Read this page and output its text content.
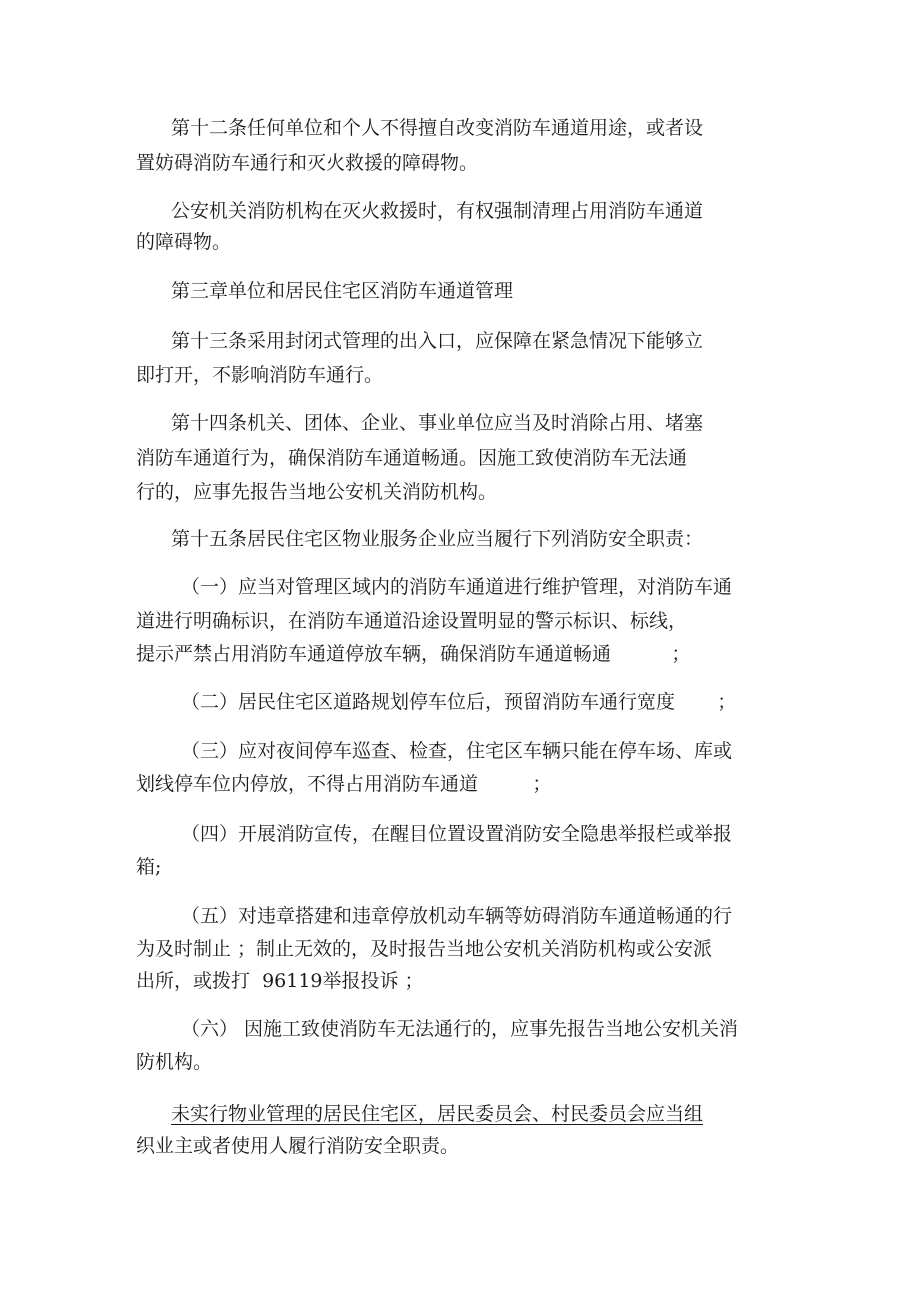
第十二条任何单位和个人不得擅自改变消防车通道用途，或者设
置妨碍消防车通行和灭火救援的障碍物。
公安机关消防机构在灭火救援时，有权强制清理占用消防车通道
的障碍物。
第三章单位和居民住宅区消防车通道管理
第十三条采用封闭式管理的出入口，应保障在紧急情况下能够立
即打开，不影响消防车通行。
第十四条机关、团体、企业、事业单位应当及时消除占用、堵塞
消防车通道行为，确保消防车通道畅通。因施工致使消防车无法通
行的，应事先报告当地公安机关消防机构。
第十五条居民住宅区物业服务企业应当履行下列消防安全职责：
（一）应当对管理区域内的消防车通道进行维护管理，对消防车通
道进行明确标识，在消防车通道沿途设置明显的警示标识、标线，
提示严禁占用消防车通道停放车辆，确保消防车通道畅通          ；
（二）居民住宅区道路规划停车位后，预留消防车通行宽度       ；
（三）应对夜间停车巡查、检查，住宅区车辆只能在停车场、库或
划线停车位内停放，不得占用消防车通道         ；
（四）开展消防宣传，在醒目位置设置消防安全隐患举报栏或举报
箱;
（五）对违章搭建和违章停放机动车辆等妨碍消防车通道畅通的行
为及时制止 ；制止无效的，及时报告当地公安机关消防机构或公安派
出所，或拨打  96119举报投诉 ；
（六） 因施工致使消防车无法通行的，应事先报告当地公安机关消
防机构。
未实行物业管理的居民住宅区，居民委员会、村民委员会应当组
织业主或者使用人履行消防安全职责。
